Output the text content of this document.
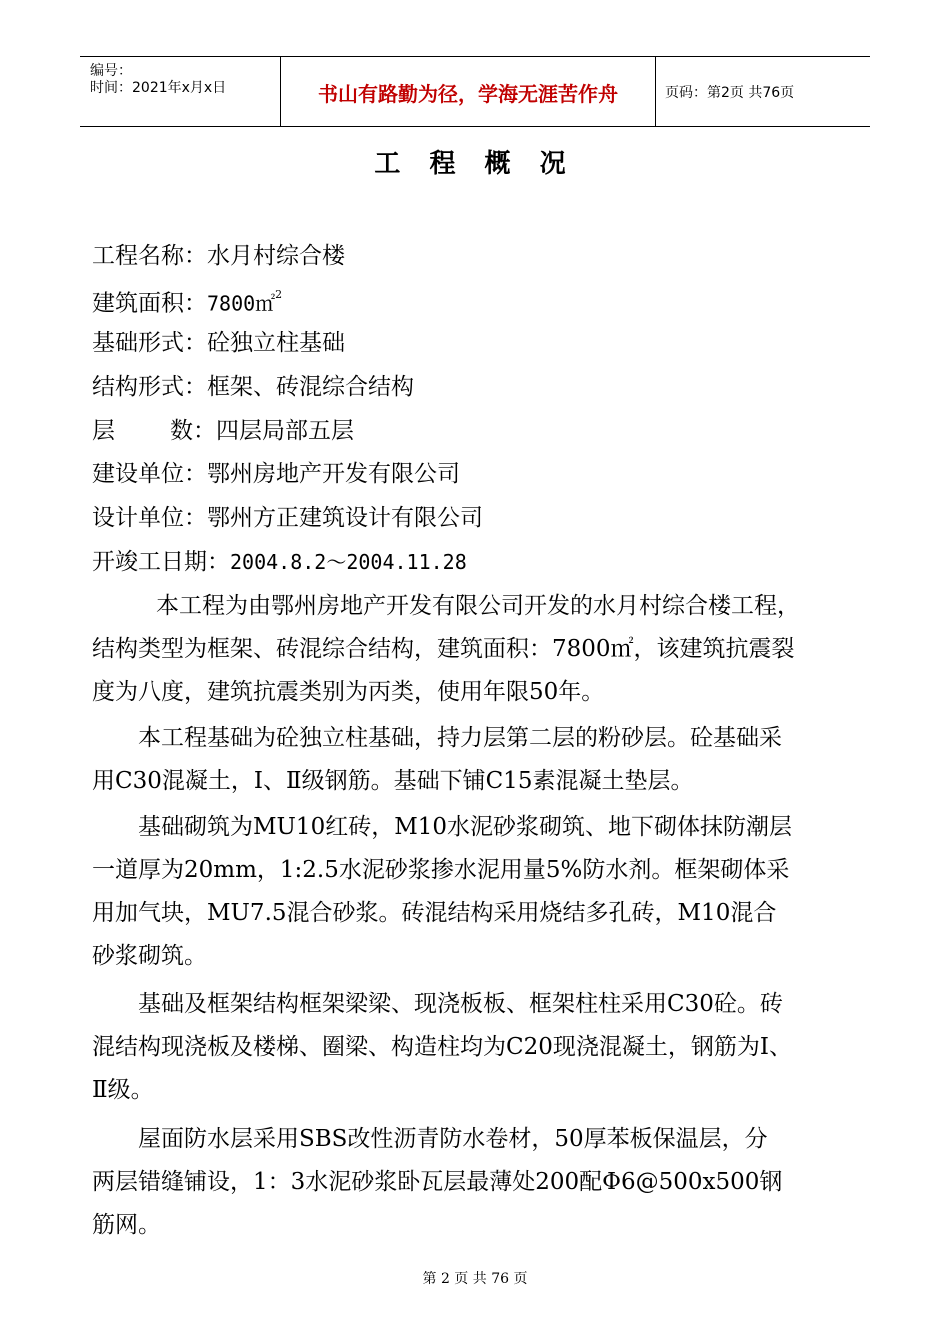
编号：
时间：2021年x月x日	书山有路勤为径，学海无涯苦作舟	页码：第2页 共76页
工 程 概 况
工程名称：水月村综合楼
建筑面积：7800㎡$^2$
基础形式：砼独立柱基础
结构形式：框架、砖混综合结构
层 数：四层局部五层
建设单位：鄂州房地产开发有限公司
设计单位：鄂州方正建筑设计有限公司
开竣工日期：2004.8.2～2004.11.28
本工程为由鄂州房地产开发有限公司开发的水月村综合楼工程，
结构类型为框架、砖混综合结构，建筑面积：7800㎡，该建筑抗震裂
度为八度，建筑抗震类别为丙类，使用年限50年。
本工程基础为砼独立柱基础，持力层第二层的粉砂层。砼基础采
用C30混凝土，Ⅰ、Ⅱ级钢筋。基础下铺C15素混凝土垫层。
基础砌筑为MU10红砖，M10水泥砂浆砌筑、地下砌体抹防潮层
一道厚为20mm，1:2.5水泥砂浆掺水泥用量5%防水剂。框架砌体采
用加气块，MU7.5混合砂浆。砖混结构采用烧结多孔砖，M10混合
砂浆砌筑。
基础及框架结构框架梁梁、现浇板板、框架柱柱采用C30砼。砖
混结构现浇板及楼梯、圈梁、构造柱均为C20现浇混凝土，钢筋为Ⅰ、
Ⅱ级。
屋面防水层采用SBS改性沥青防水卷材，50厚苯板保温层，分
两层错缝铺设，1：3水泥砂浆卧瓦层最薄处200配Φ6@500x500钢
筋网。
第 2 页 共 76 页
